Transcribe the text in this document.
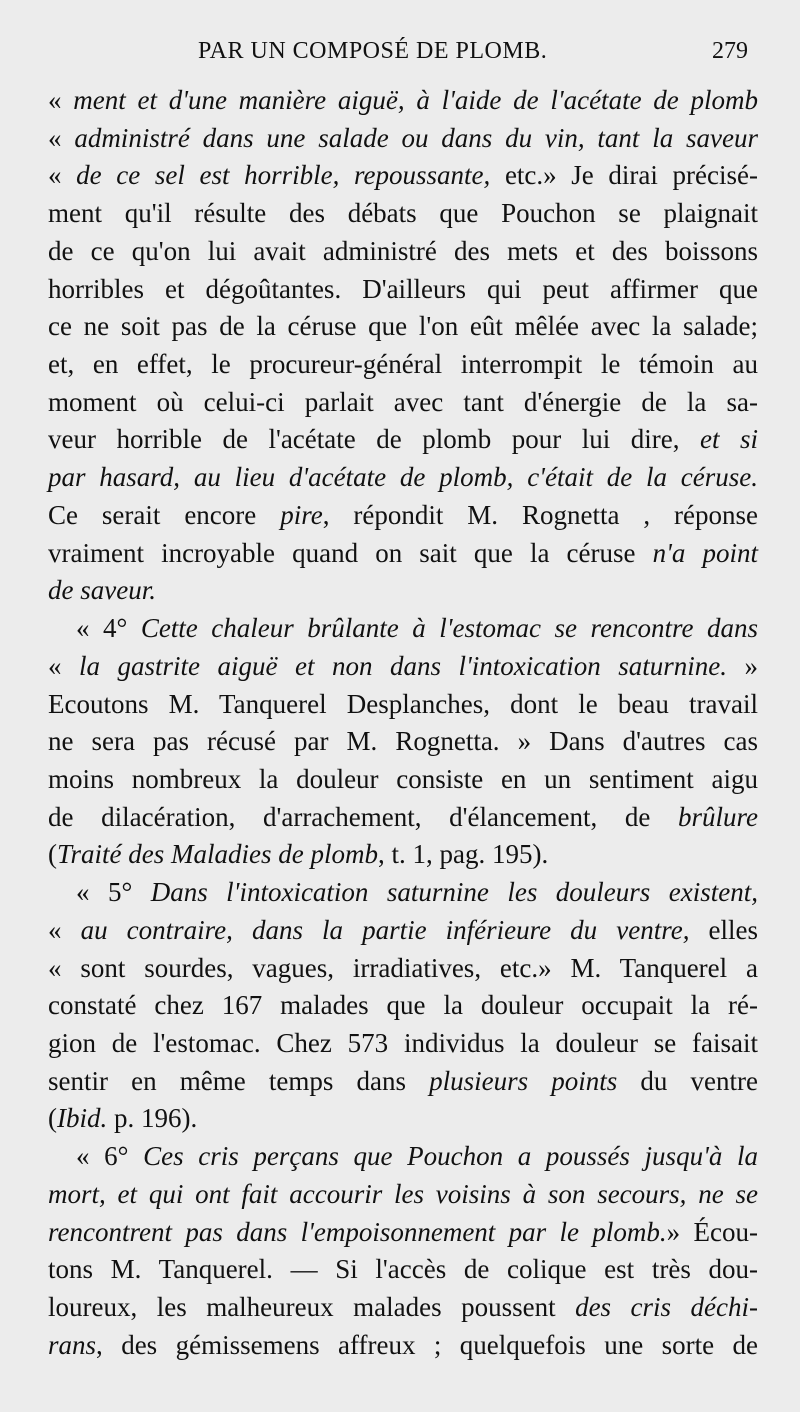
PAR UN COMPOSÉ DE PLOMB.	279
« ment et d'une manière aiguë, à l'aide de l'acétate de plomb
« administré dans une salade ou dans du vin, tant la saveur
« de ce sel est horrible, repoussante, etc.» Je dirai précisé-
ment qu'il résulte des débats que Pouchon se plaignait
de ce qu'on lui avait administré des mets et des boissons
horribles et dégoûtantes. D'ailleurs qui peut affirmer que
ce ne soit pas de la céruse que l'on eût mêlée avec la salade;
et, en effet, le procureur-général interrompit le témoin au
moment où celui-ci parlait avec tant d'énergie de la sa-
veur horrible de l'acétate de plomb pour lui dire, et si
par hasard, au lieu d'acétate de plomb, c'était de la céruse.
Ce serait encore pire, répondit M. Rognetta , réponse
vraiment incroyable quand on sait que la céruse n'a point
de saveur.
« 4° Cette chaleur brûlante à l'estomac se rencontre dans
« la gastrite aiguë et non dans l'intoxication saturnine. »
Ecoutons M. Tanquerel Desplanches, dont le beau travail
ne sera pas récusé par M. Rognetta. » Dans d'autres cas
moins nombreux la douleur consiste en un sentiment aigu
de dilacération, d'arrachement, d'élancement, de brûlure
(Traité des Maladies de plomb, t. 1, pag. 195).
« 5° Dans l'intoxication saturnine les douleurs existent,
« au contraire, dans la partie inférieure du ventre, elles
« sont sourdes, vagues, irradiatives, etc.» M. Tanquerel a
constaté chez 167 malades que la douleur occupait la ré-
gion de l'estomac. Chez 573 individus la douleur se faisait
sentir en même temps dans plusieurs points du ventre
(Ibid. p. 196).
« 6° Ces cris perçans que Pouchon a poussés jusqu'à la
mort, et qui ont fait accourir les voisins à son secours, ne se
rencontrent pas dans l'empoisonnement par le plomb.» Écou-
tons M. Tanquerel. — Si l'accès de colique est très dou-
loureux, les malheureux malades poussent des cris déchi-
rans, des gémissemens affreux ; quelquefois une sorte de
